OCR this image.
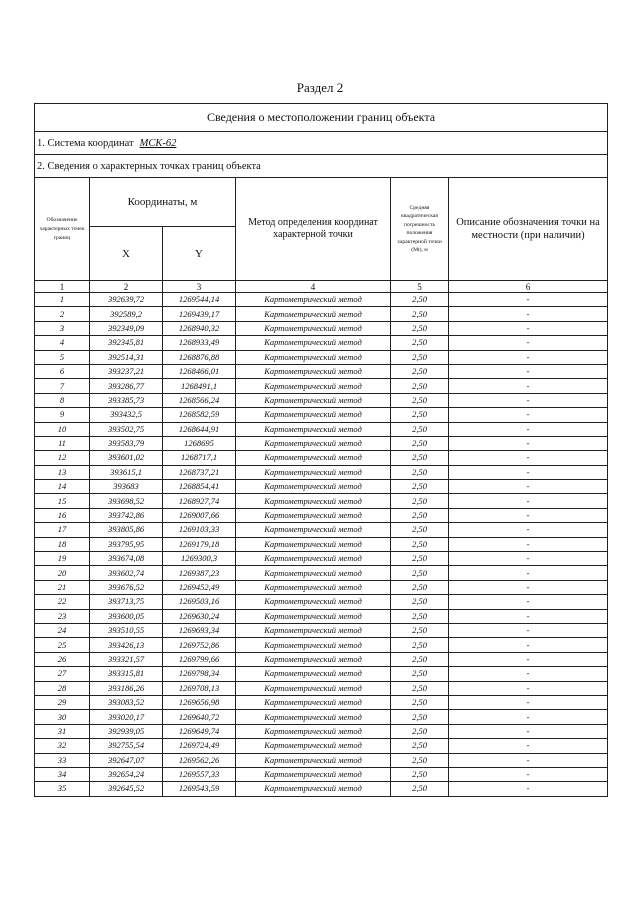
Раздел 2
Сведения о местоположении границ объекта					
1. Система координат МСК-62					
2. Сведения о характерных точках границ объекта					
Обозначение характерных точек границ	Координаты, м		Метод определения координат характерной точки	Средняя квадратическая погрешность положения характерной точки (Mt), м	Описание обозначения точки на местности (при наличии)
	X	Y			
1	2	3	4	5	6
1	392639,72	1269544,14	Картометрический метод	2,50	-
2	392589,2	1269439,17	Картометрический метод	2,50	-
3	392349,09	1268940,32	Картометрический метод	2,50	-
4	392345,81	1268933,49	Картометрический метод	2,50	-
5	392514,31	1268876,88	Картометрический метод	2,50	-
6	393237,21	1268466,01	Картометрический метод	2,50	-
7	393286,77	1268491,1	Картометрический метод	2,50	-
8	393385,73	1268566,24	Картометрический метод	2,50	-
9	393432,5	1268582,59	Картометрический метод	2,50	-
10	393502,75	1268644,91	Картометрический метод	2,50	-
11	393583,79	1268695	Картометрический метод	2,50	-
12	393601,02	1268717,1	Картометрический метод	2,50	-
13	393615,1	1268737,21	Картометрический метод	2,50	-
14	393683	1268854,41	Картометрический метод	2,50	-
15	393698,52	1268927,74	Картометрический метод	2,50	-
16	393742,86	1269007,66	Картометрический метод	2,50	-
17	393805,86	1269103,33	Картометрический метод	2,50	-
18	393795,95	1269179,18	Картометрический метод	2,50	-
19	393674,08	1269300,3	Картометрический метод	2,50	-
20	393602,74	1269387,23	Картометрический метод	2,50	-
21	393676,52	1269452,49	Картометрический метод	2,50	-
22	393713,75	1269503,16	Картометрический метод	2,50	-
23	393600,05	1269630,24	Картометрический метод	2,50	-
24	393510,55	1269693,34	Картометрический метод	2,50	-
25	393426,13	1269752,86	Картометрический метод	2,50	-
26	393321,57	1269799,66	Картометрический метод	2,50	-
27	393315,81	1269798,34	Картометрический метод	2,50	-
28	393186,26	1269708,13	Картометрический метод	2,50	-
29	393083,52	1269656,98	Картометрический метод	2,50	-
30	393020,17	1269640,72	Картометрический метод	2,50	-
31	392939,05	1269649,74	Картометрический метод	2,50	-
32	392755,54	1269724,49	Картометрический метод	2,50	-
33	392647,07	1269562,26	Картометрический метод	2,50	-
34	392654,24	1269557,33	Картометрический метод	2,50	-
35	392645,52	1269543,59	Картометрический метод	2,50	-
